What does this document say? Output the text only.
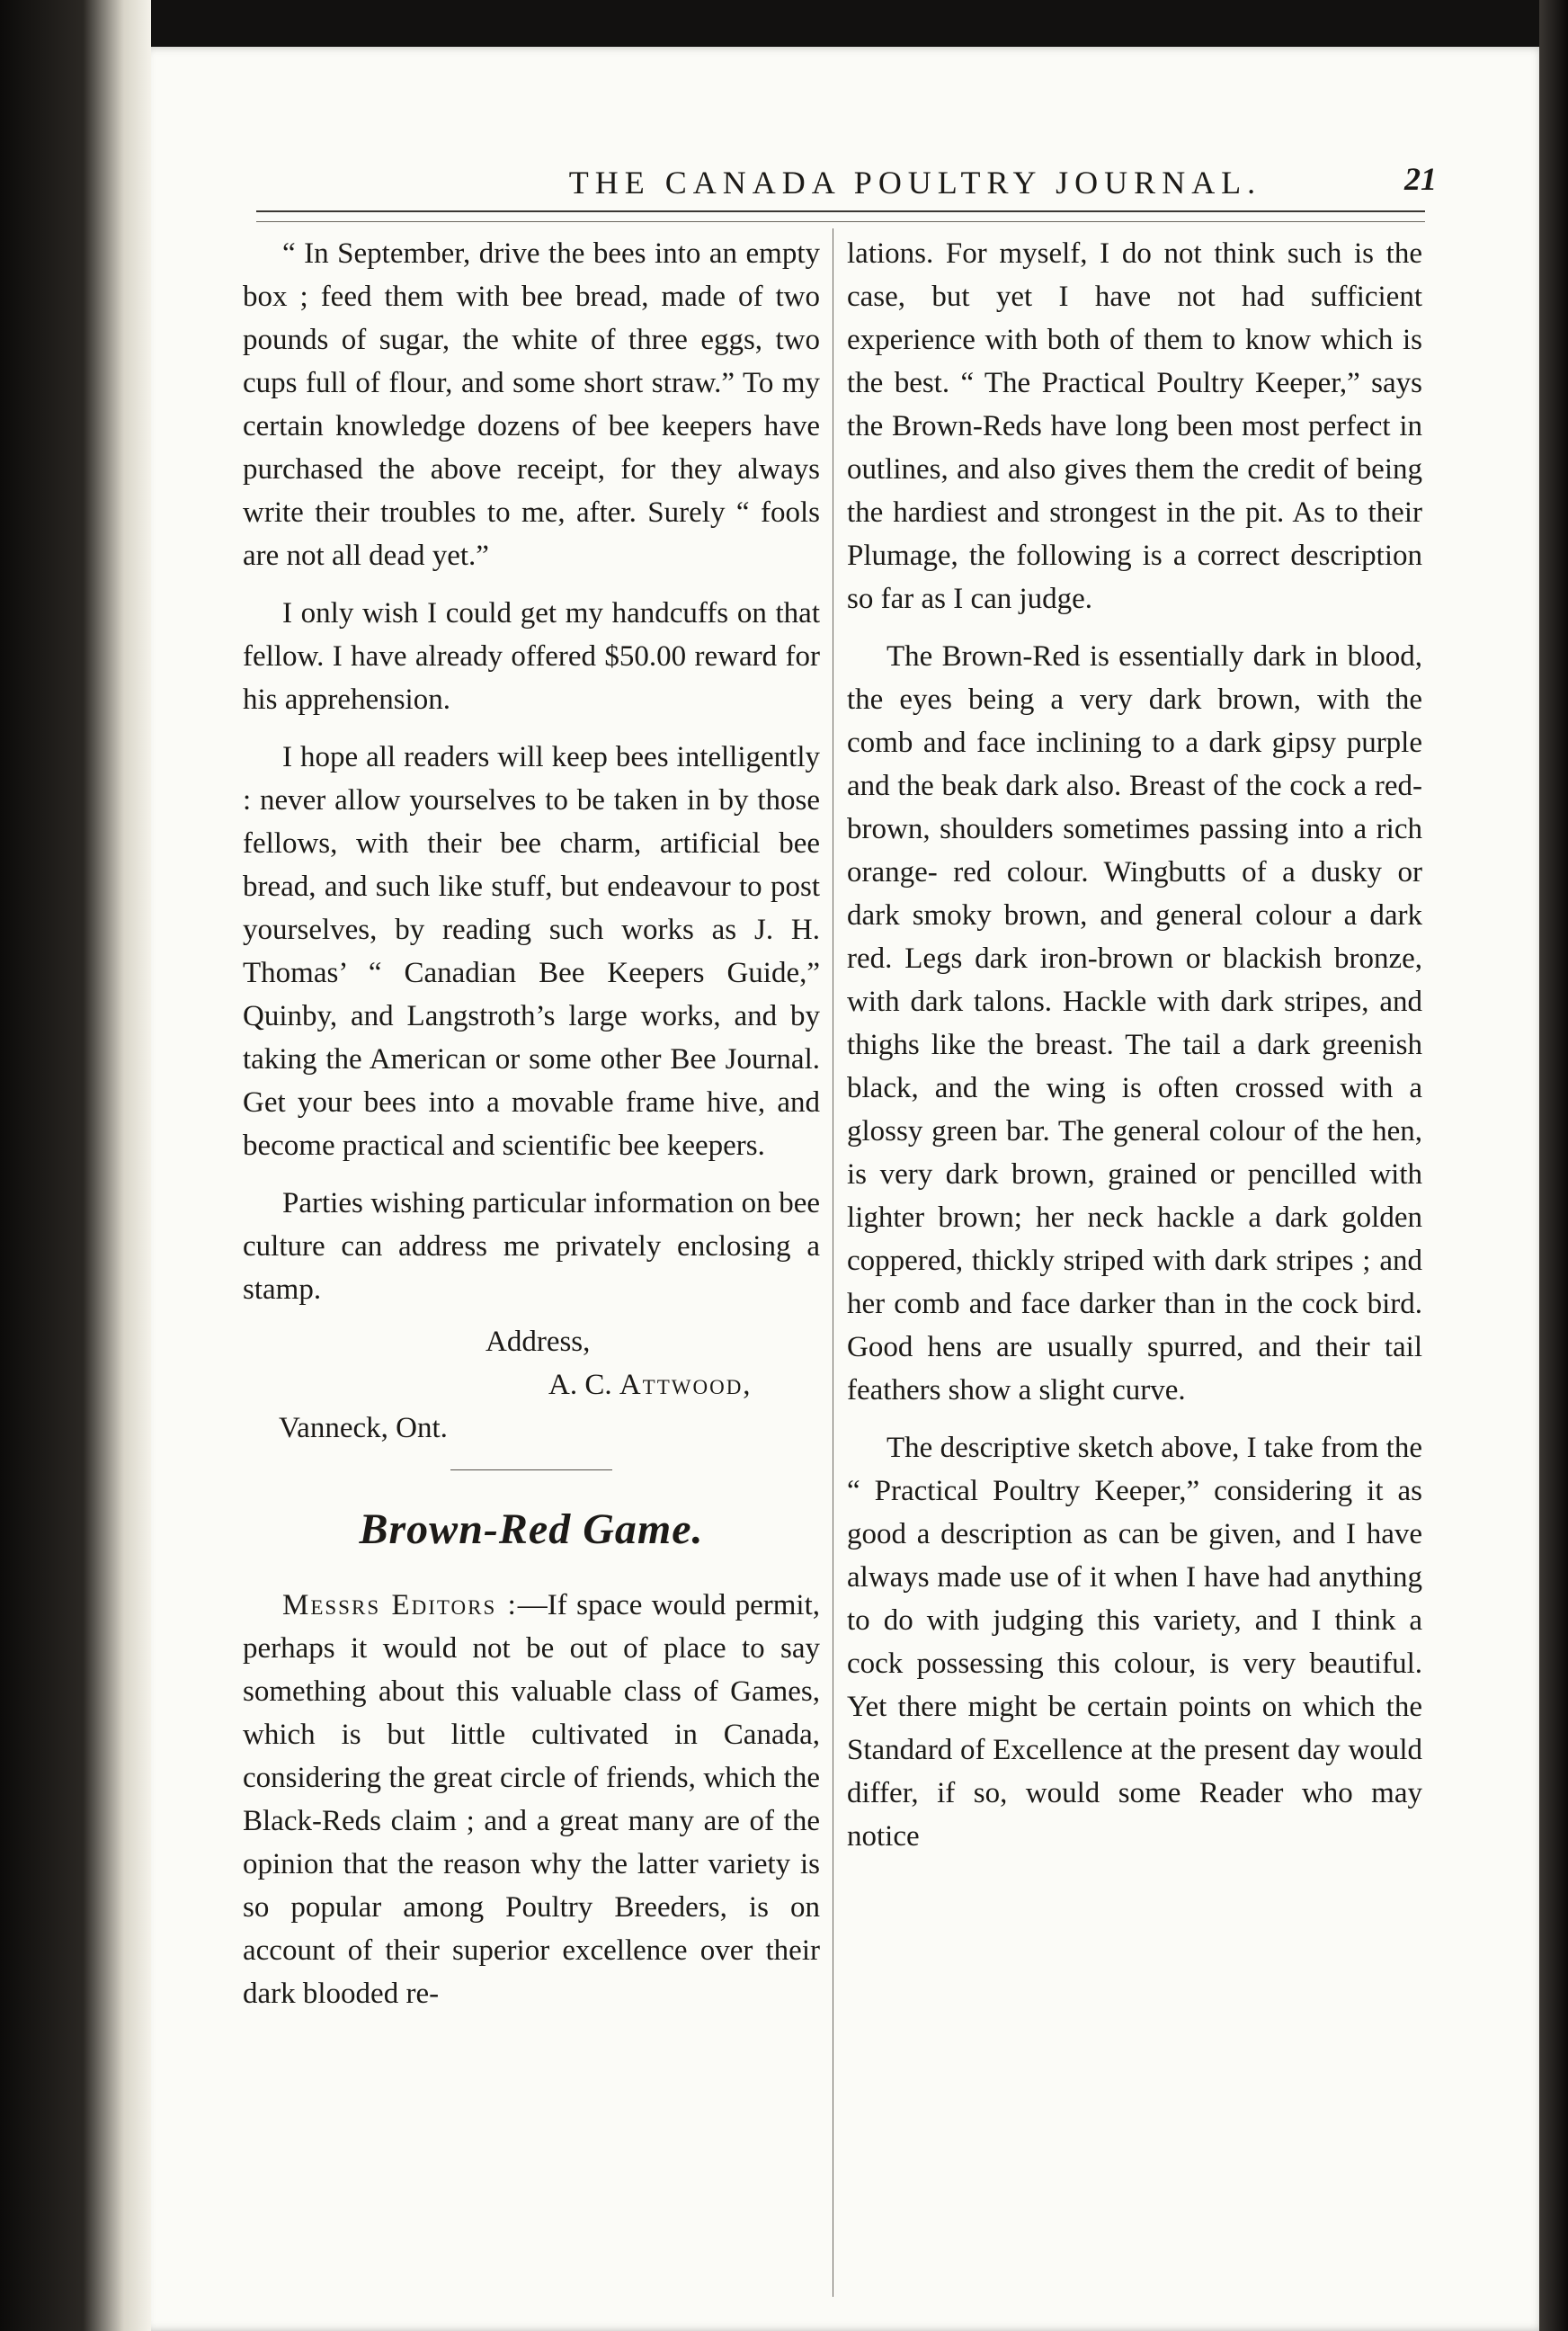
THE CANADA POULTRY JOURNAL.	21

“ In September, drive the bees into an empty box ; feed them with bee bread, made of two pounds of sugar, the white of three eggs, two cups full of flour, and some short straw.” To my certain knowledge dozens of bee keepers have purchased the above receipt, for they always write their troubles to me, after. Surely “ fools are not all dead yet.”

I only wish I could get my handcuffs on that fellow. I have already offered $50.00 reward for his apprehension.

I hope all readers will keep bees intelligently : never allow yourselves to be taken in by those fellows, with their bee charm, artificial bee bread, and such like stuff, but endeavour to post yourselves, by reading such works as J. H. Thomas’ “ Canadian Bee Keepers Guide,” Quinby, and Langstroth’s large works, and by taking the American or some other Bee Journal. Get your bees into a movable frame hive, and become practical and scientific bee keepers.

Parties wishing particular information on bee culture can address me privately enclosing a stamp.

Address,

A. C. Attwood,

Vanneck, Ont.

Brown-Red Game.

Messrs Editors :—If space would permit, perhaps it would not be out of place to say something about this valuable class of Games, which is but little cultivated in Canada, considering the great circle of friends, which the Black-Reds claim ; and a great many are of the opinion that the reason why the latter variety is so popular among Poultry Breeders, is on account of their superior excellence over their dark blooded re-

lations. For myself, I do not think such is the case, but yet I have not had sufficient experience with both of them to know which is the best. “ The Practical Poultry Keeper,” says the Brown-Reds have long been most perfect in outlines, and also gives them the credit of being the hardiest and strongest in the pit. As to their Plumage, the following is a correct description so far as I can judge.

The Brown-Red is essentially dark in blood, the eyes being a very dark brown, with the comb and face inclining to a dark gipsy purple and the beak dark also. Breast of the cock a red-brown, shoulders sometimes passing into a rich orange- red colour. Wingbutts of a dusky or dark smoky brown, and general colour a dark red. Legs dark iron-brown or blackish bronze, with dark talons. Hackle with dark stripes, and thighs like the breast. The tail a dark greenish black, and the wing is often crossed with a glossy green bar. The general colour of the hen, is very dark brown, grained or pencilled with lighter brown; her neck hackle a dark golden coppered, thickly striped with dark stripes ; and her comb and face darker than in the cock bird. Good hens are usually spurred, and their tail feathers show a slight curve.

The descriptive sketch above, I take from the “ Practical Poultry Keeper,” considering it as good a description as can be given, and I have always made use of it when I have had anything to do with judging this variety, and I think a cock possessing this colour, is very beautiful. Yet there might be certain points on which the Standard of Excellence at the present day would differ, if so, would some Reader who may notice
